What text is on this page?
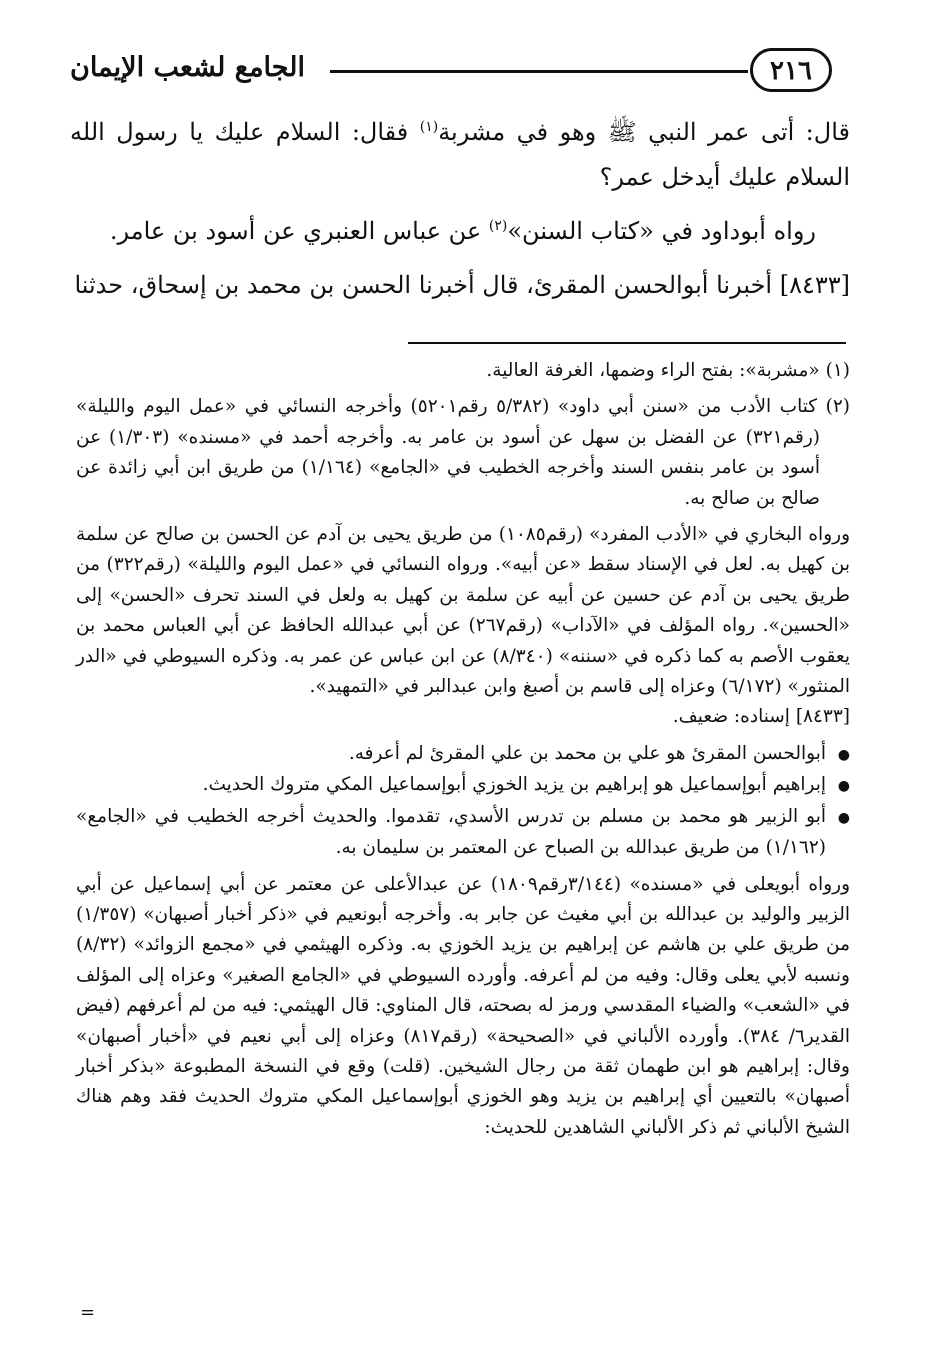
الجامع لشعب الإيمان	٢١٦

قال: أتى عمر النبي ﷺ وهو في مشربة$^{(١)}$ فقال: السلام عليك يا رسول الله السلام عليك أيدخل عمر؟

رواه أبوداود في «كتاب السنن»$^{(٢)}$ عن عباس العنبري عن أسود بن عامر.

[٨٤٣٣] أخبرنا أبوالحسن المقرئ، قال أخبرنا الحسن بن محمد بن إسحاق، حدثنا

(١) «مشربة»: بفتح الراء وضمها، الغرفة العالية.

(٢) كتاب الأدب من «سنن أبي داود» (٥/٣٨٢ رقم٥٢٠١) وأخرجه النسائي في «عمل اليوم والليلة» (رقم٣٢١) عن الفضل بن سهل عن أسود بن عامر به. وأخرجه أحمد في «مسنده» (١/٣٠٣) عن أسود بن عامر بنفس السند وأخرجه الخطيب في «الجامع» (١/١٦٤) من طريق ابن أبي زائدة عن صالح بن صالح به.

ورواه البخاري في «الأدب المفرد» (رقم١٠٨٥) من طريق يحيى بن آدم عن الحسن بن صالح عن سلمة بن كهيل به. لعل في الإسناد سقط «عن أبيه». ورواه النسائي في «عمل اليوم والليلة» (رقم٣٢٢) من طريق يحيى بن آدم عن حسين عن أبيه عن سلمة بن كهيل به ولعل في السند تحرف «الحسن» إلى «الحسين». رواه المؤلف في «الآداب» (رقم٢٦٧) عن أبي عبدالله الحافظ عن أبي العباس محمد بن يعقوب الأصم به كما ذكره في «سننه» (٨/٣٤٠) عن ابن عباس عن عمر به. وذكره السيوطي في «الدر المنثور» (٦/١٧٢) وعزاه إلى قاسم بن أصبغ وابن عبدالبر في «التمهيد».

[٨٤٣٣] إسناده: ضعيف.

●أبوالحسن المقرئ هو علي بن محمد بن علي المقرئ لم أعرفه.
●إبراهيم أبوإسماعيل هو إبراهيم بن يزيد الخوزي أبوإسماعيل المكي متروك الحديث.
●أبو الزبير هو محمد بن مسلم بن تدرس الأسدي، تقدموا. والحديث أخرجه الخطيب في «الجامع» (١/١٦٢) من طريق عبدالله بن الصباح عن المعتمر بن سليمان به.

ورواه أبويعلى في «مسنده» (٣/١٤٤رقم١٨٠٩) عن عبدالأعلى عن معتمر عن أبي إسماعيل عن أبي الزبير والوليد بن عبدالله بن أبي مغيث عن جابر به. وأخرجه أبونعيم في «ذكر أخبار أصبهان» (١/٣٥٧) من طريق علي بن هاشم عن إبراهيم بن يزيد الخوزي به. وذكره الهيثمي في «مجمع الزوائد» (٨/٣٢) ونسبه لأبي يعلى وقال: وفيه من لم أعرفه. وأورده السيوطي في «الجامع الصغير» وعزاه إلى المؤلف في «الشعب» والضياء المقدسي ورمز له بصحته، قال المناوي: قال الهيثمي: فيه من لم أعرفهم (فيض القدير٦/ ٣٨٤). وأورده الألباني في «الصحيحة» (رقم٨١٧) وعزاه إلى أبي نعيم في «أخبار أصبهان» وقال: إبراهيم هو ابن طهمان ثقة من رجال الشيخين. (قلت) وقع في النسخة المطبوعة «بذكر أخبار أصبهان» بالتعيين أي إبراهيم بن يزيد وهو الخوزي أبوإسماعيل المكي متروك الحديث فقد وهم هناك الشيخ الألباني ثم ذكر الألباني الشاهدين للحديث:

=
